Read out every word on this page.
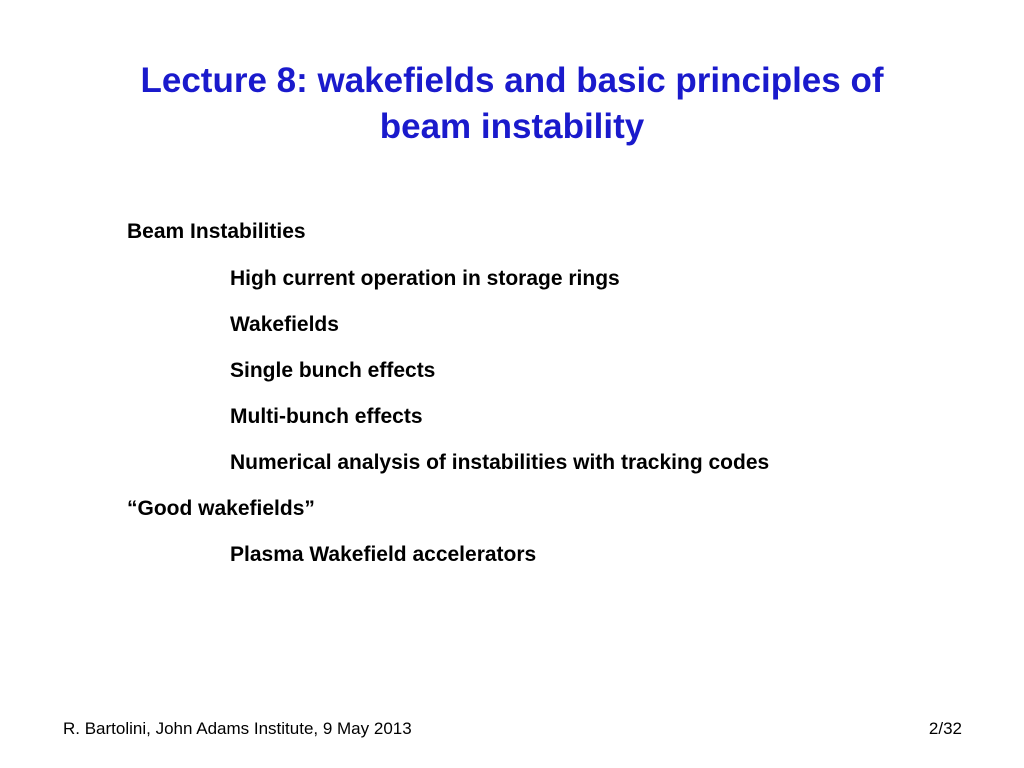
Lecture 8: wakefields and basic principles of
beam instability
Beam Instabilities
High current operation in storage rings
Wakefields
Single bunch effects
Multi-bunch effects
Numerical analysis of instabilities with tracking codes
“Good wakefields”
Plasma Wakefield accelerators
R. Bartolini, John Adams Institute, 9 May 2013	2/32
